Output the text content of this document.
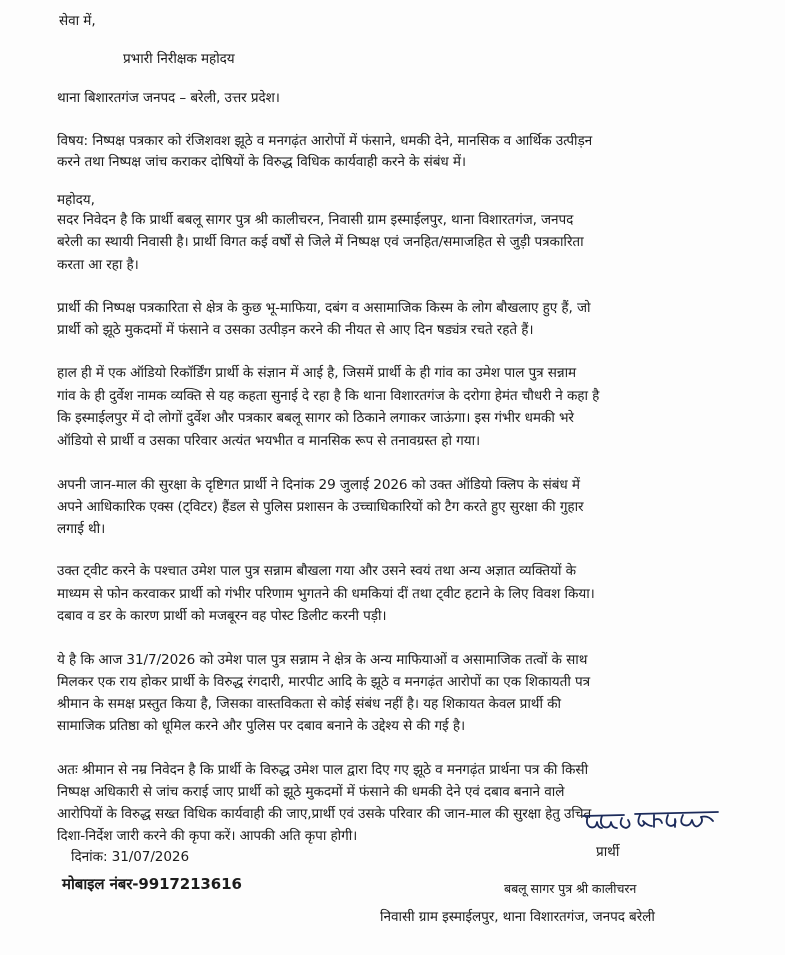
सेवा में,
प्रभारी निरीक्षक महोदय
थाना बिशारतगंज जनपद – बरेली, उत्तर प्रदेश।
विषय: निष्पक्ष पत्रकार को रंजिशवश झूठे व मनगढ़ंत आरोपों में फंसाने, धमकी देने, मानसिक व आर्थिक उत्पीड़न
करने तथा निष्पक्ष जांच कराकर दोषियों के विरुद्ध विधिक कार्यवाही करने के संबंध में।
महोदय,
सदर निवेदन है कि प्रार्थी बबलू सागर पुत्र श्री कालीचरन, निवासी ग्राम इस्माईलपुर, थाना विशारतगंज, जनपद
बरेली का स्थायी निवासी है। प्रार्थी विगत कई वर्षों से जिले में निष्पक्ष एवं जनहित/समाजहित से जुड़ी पत्रकारिता
करता आ रहा है।
प्रार्थी की निष्पक्ष पत्रकारिता से क्षेत्र के कुछ भू-माफिया, दबंग व असामाजिक किस्म के लोग बौखलाए हुए हैं, जो
प्रार्थी को झूठे मुकदमों में फंसाने व उसका उत्पीड़न करने की नीयत से आए दिन षड्यंत्र रचते रहते हैं।
हाल ही में एक ऑडियो रिकॉर्डिंग प्रार्थी के संज्ञान में आई है, जिसमें प्रार्थी के ही गांव का उमेश पाल पुत्र सन्नाम
गांव के ही दुर्वेश नामक व्यक्ति से यह कहता सुनाई दे रहा है कि थाना विशारतगंज के दरोगा हेमंत चौधरी ने कहा है
कि इस्माईलपुर में दो लोगों दुर्वेश और पत्रकार बबलू सागर को ठिकाने लगाकर जाऊंगा। इस गंभीर धमकी भरे
ऑडियो से प्रार्थी व उसका परिवार अत्यंत भयभीत व मानसिक रूप से तनावग्रस्त हो गया।
अपनी जान-माल की सुरक्षा के दृष्टिगत प्रार्थी ने दिनांक 29 जुलाई 2026 को उक्त ऑडियो क्लिप के संबंध में
अपने आधिकारिक एक्स (ट्विटर) हैंडल से पुलिस प्रशासन के उच्चाधिकारियों को टैग करते हुए सुरक्षा की गुहार
लगाई थी।
उक्त ट्वीट करने के पश्चात उमेश पाल पुत्र सन्नाम बौखला गया और उसने स्वयं तथा अन्य अज्ञात व्यक्तियों के
माध्यम से फोन करवाकर प्रार्थी को गंभीर परिणाम भुगतने की धमकियां दीं तथा ट्वीट हटाने के लिए विवश किया।
दबाव व डर के कारण प्रार्थी को मजबूरन वह पोस्ट डिलीट करनी पड़ी।
ये है कि आज 31/7/2026 को उमेश पाल पुत्र सन्नाम ने क्षेत्र के अन्य माफियाओं व असामाजिक तत्वों के साथ
मिलकर एक राय होकर प्रार्थी के विरुद्ध रंगदारी, मारपीट आदि के झूठे व मनगढ़ंत आरोपों का एक शिकायती पत्र
श्रीमान के समक्ष प्रस्तुत किया है, जिसका वास्तविकता से कोई संबंध नहीं है। यह शिकायत केवल प्रार्थी की
सामाजिक प्रतिष्ठा को धूमिल करने और पुलिस पर दबाव बनाने के उद्देश्य से की गई है।
अतः श्रीमान से नम्र निवेदन है कि प्रार्थी के विरुद्ध उमेश पाल द्वारा दिए गए झूठे व मनगढ़ंत प्रार्थना पत्र की किसी
निष्पक्ष अधिकारी से जांच कराई जाए प्रार्थी को झूठे मुकदमों में फंसाने की धमकी देने एवं दबाव बनाने वाले
आरोपियों के विरुद्ध सख्त विधिक कार्यवाही की जाए,प्रार्थी एवं उसके परिवार की जान-माल की सुरक्षा हेतु उचित
दिशा-निर्देश जारी करने की कृपा करें। आपकी अति कृपा होगी।
दिनांक: 31/07/2026	प्रार्थी
मोबाइल नंबर-9917213616	बबलू सागर पुत्र श्री कालीचरन
निवासी ग्राम इस्माईलपुर, थाना विशारतगंज, जनपद बरेली
